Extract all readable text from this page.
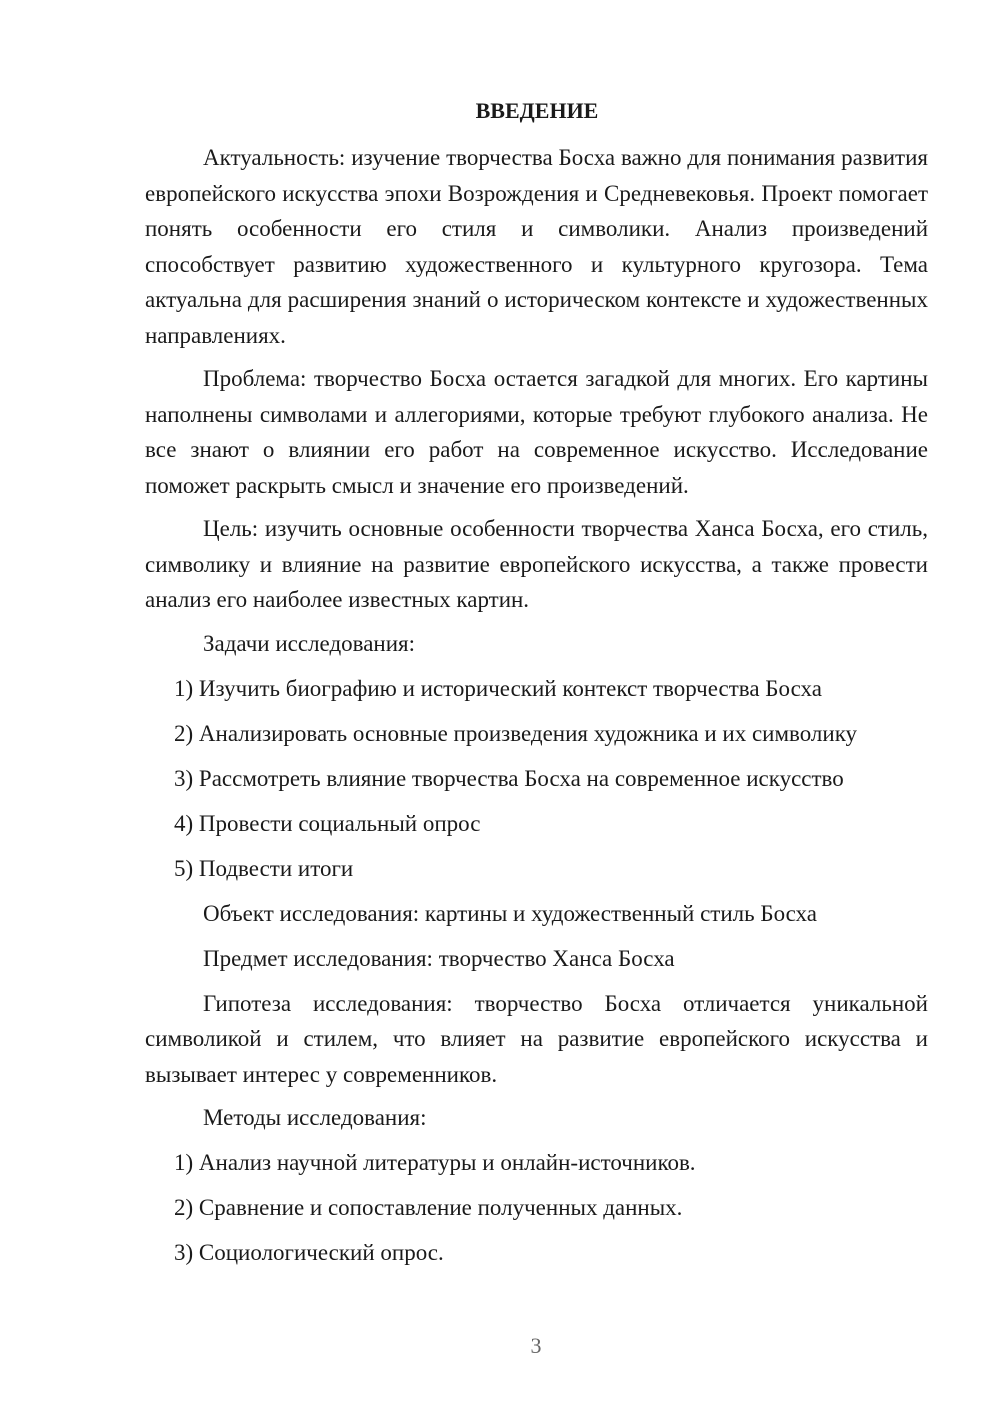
ВВЕДЕНИЕ

Актуальность: изучение творчества Босха важно для понимания развития европейского искусства эпохи Возрождения и Средневековья. Проект помогает понять особенности его стиля и символики. Анализ произведений способствует развитию художественного и культурного кругозора. Тема актуальна для расширения знаний о историческом контексте и художественных направлениях.

Проблема: творчество Босха остается загадкой для многих. Его картины наполнены символами и аллегориями, которые требуют глубокого анализа. Не все знают о влиянии его работ на современное искусство. Исследование поможет раскрыть смысл и значение его произведений.

Цель: изучить основные особенности творчества Ханса Босха, его стиль, символику и влияние на развитие европейского искусства, а также провести анализ его наиболее известных картин.

Задачи исследования:
1) Изучить биографию и исторический контекст творчества Босха
2) Анализировать основные произведения художника и их символику
3) Рассмотреть влияние творчества Босха на современное искусство
4) Провести социальный опрос
5) Подвести итоги
Объект исследования: картины и художественный стиль Босха
Предмет исследования: творчество Ханса Босха

Гипотеза исследования: творчество Босха отличается уникальной символикой и стилем, что влияет на развитие европейского искусства и вызывает интерес у современников.

Методы исследования:
1) Анализ научной литературы и онлайн-источников.
2) Сравнение и сопоставление полученных данных.
3) Социологический опрос.
3
